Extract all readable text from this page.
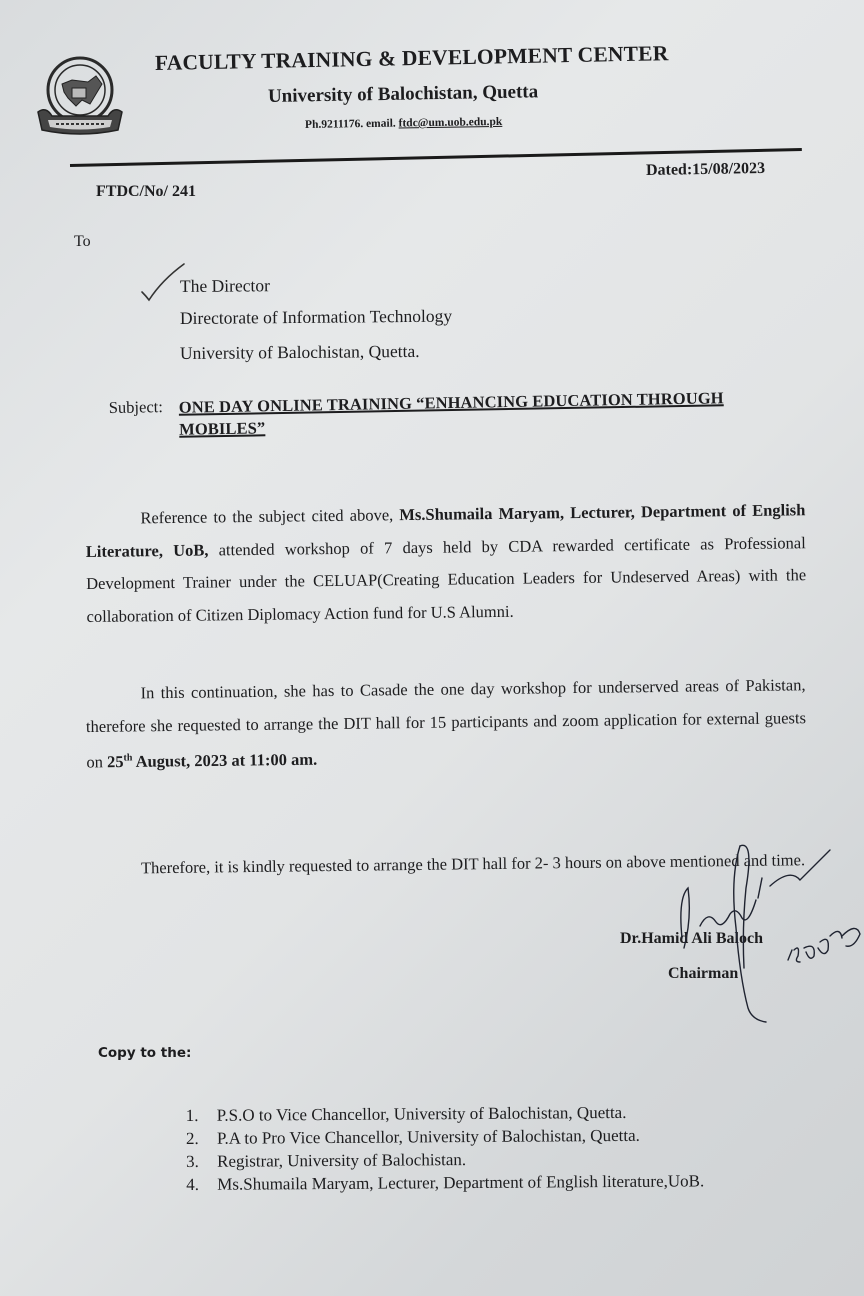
FACULTY TRAINING & DEVELOPMENT CENTER
University of Balochistan, Quetta
Ph.9211176. email. ftdc@um.uob.edu.pk
FTDC/No/ 241
Dated:15/08/2023
To
The Director
Directorate of Information Technology
University of Balochistan, Quetta.
Subject: ONE DAY ONLINE TRAINING “ENHANCING EDUCATION THROUGH MOBILES”
Reference to the subject cited above, Ms.Shumaila Maryam, Lecturer, Department of English Literature, UoB, attended workshop of 7 days held by CDA rewarded certificate as Professional Development Trainer under the CELUAP(Creating Education Leaders for Undeserved Areas) with the collaboration of Citizen Diplomacy Action fund for U.S Alumni.
In this continuation, she has to Casade the one day workshop for underserved areas of Pakistan, therefore she requested to arrange the DIT hall for 15 participants and zoom application for external guests on 25th August, 2023 at 11:00 am.
Therefore, it is kindly requested to arrange the DIT hall for 2- 3 hours on above mentioned and time.
Dr.Hamid Ali Baloch
Chairman
Copy to the:
1. P.S.O to Vice Chancellor, University of Balochistan, Quetta.
2. P.A to Pro Vice Chancellor, University of Balochistan, Quetta.
3. Registrar, University of Balochistan.
4. Ms.Shumaila Maryam, Lecturer, Department of English literature,UoB.
